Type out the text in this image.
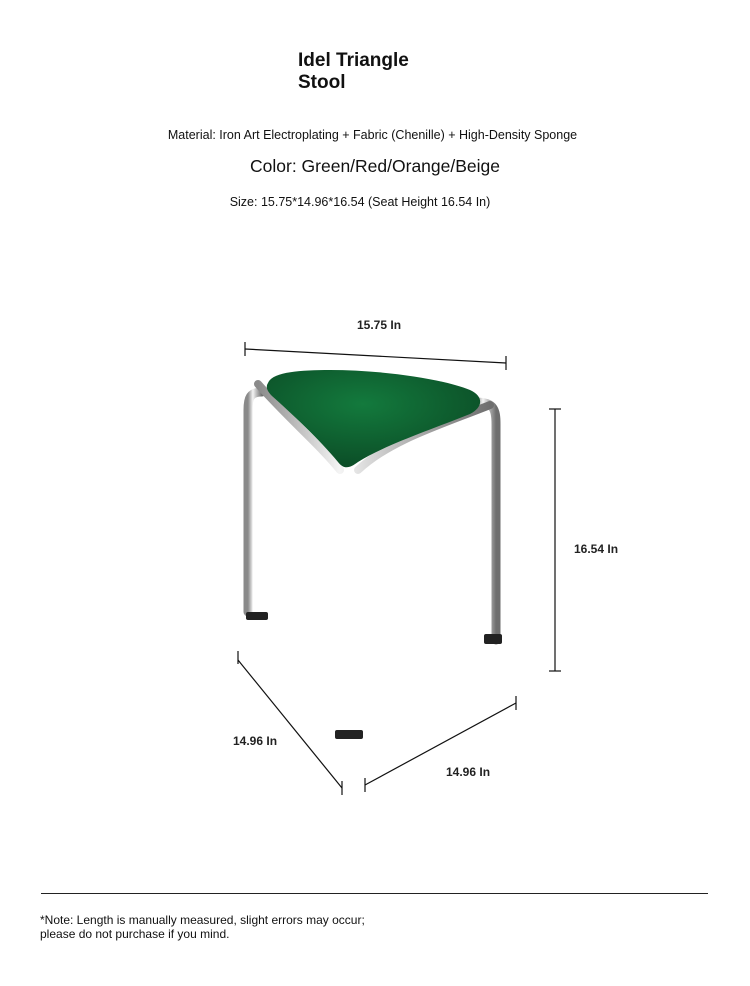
Idel Triangle
Stool
Material: Iron Art Electroplating + Fabric (Chenille) + High-Density Sponge
Color: Green/Red/Orange/Beige
Size: 15.75*14.96*16.54 (Seat Height 16.54 In)
15.75 In
16.54 In
14.96 In
14.96 In
*Note: Length is manually measured, slight errors may occur;
please do not purchase if you mind.
